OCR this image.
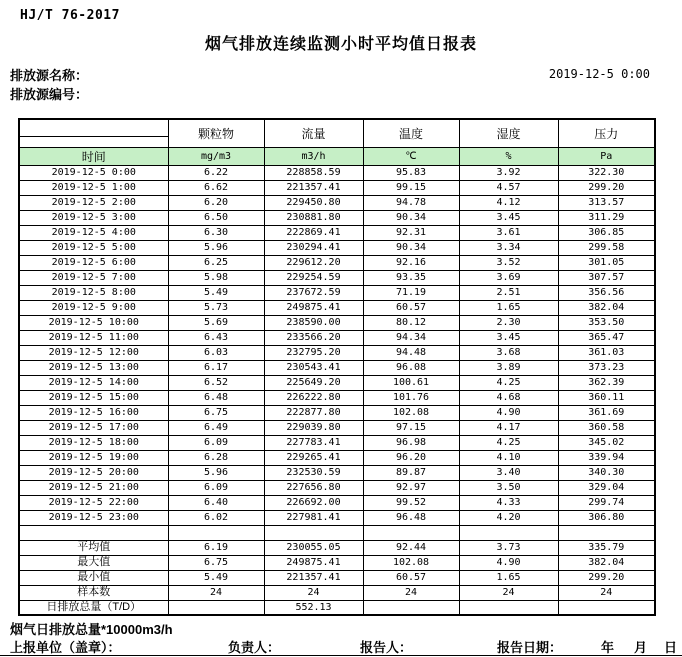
HJ/T 76-2017
烟气排放连续监测小时平均值日报表
排放源名称：	2019-12-5 0:00
排放源编号：
	颗粒物	流量	温度	湿度	压力
时间	mg/m3	m3/h	℃	%	Pa
2019-12-5 0:00	6.22	228858.59	95.83	3.92	322.30
2019-12-5 1:00	6.62	221357.41	99.15	4.57	299.20
2019-12-5 2:00	6.20	229450.80	94.78	4.12	313.57
2019-12-5 3:00	6.50	230881.80	90.34	3.45	311.29
2019-12-5 4:00	6.30	222869.41	92.31	3.61	306.85
2019-12-5 5:00	5.96	230294.41	90.34	3.34	299.58
2019-12-5 6:00	6.25	229612.20	92.16	3.52	301.05
2019-12-5 7:00	5.98	229254.59	93.35	3.69	307.57
2019-12-5 8:00	5.49	237672.59	71.19	2.51	356.56
2019-12-5 9:00	5.73	249875.41	60.57	1.65	382.04
2019-12-5 10:00	5.69	238590.00	80.12	2.30	353.50
2019-12-5 11:00	6.43	233566.20	94.34	3.45	365.47
2019-12-5 12:00	6.03	232795.20	94.48	3.68	361.03
2019-12-5 13:00	6.17	230543.41	96.08	3.89	373.23
2019-12-5 14:00	6.52	225649.20	100.61	4.25	362.39
2019-12-5 15:00	6.48	226222.80	101.76	4.68	360.11
2019-12-5 16:00	6.75	222877.80	102.08	4.90	361.69
2019-12-5 17:00	6.49	229039.80	97.15	4.17	360.58
2019-12-5 18:00	6.09	227783.41	96.98	4.25	345.02
2019-12-5 19:00	6.28	229265.41	96.20	4.10	339.94
2019-12-5 20:00	5.96	232530.59	89.87	3.40	340.30
2019-12-5 21:00	6.09	227656.80	92.97	3.50	329.04
2019-12-5 22:00	6.40	226692.00	99.52	4.33	299.74
2019-12-5 23:00	6.02	227981.41	96.48	4.20	306.80

平均值	6.19	230055.05	92.44	3.73	335.79
最大值	6.75	249875.41	102.08	4.90	382.04
最小值	5.49	221357.41	60.57	1.65	299.20
样本数	24	24	24	24	24
日排放总量（T/D）		552.13			
烟气日排放总量*10000m3/h
上报单位（盖章）：	负责人：	报告人：	报告日期：	年 月 日
